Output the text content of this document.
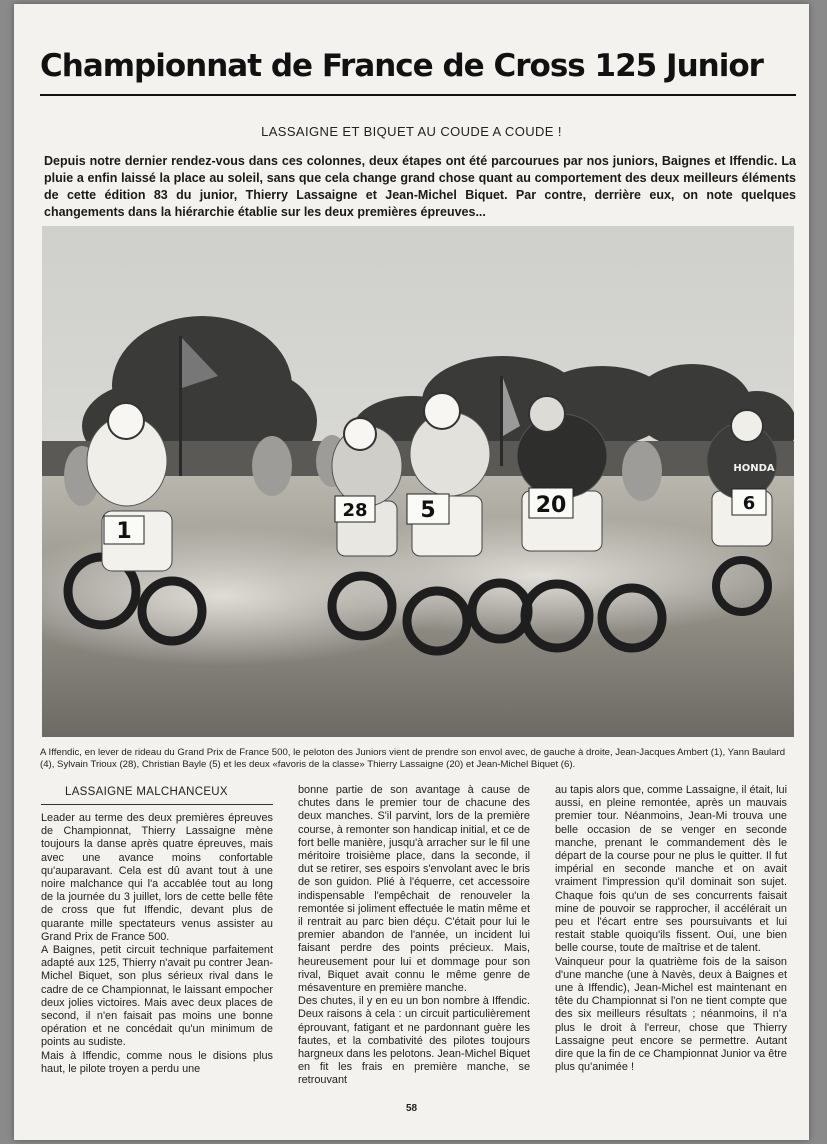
Championnat de France de Cross 125 Junior
LASSAIGNE ET BIQUET AU COUDE A COUDE !

Depuis notre dernier rendez-vous dans ces colonnes, deux étapes ont été parcourues par nos juniors, Baignes et Iffendic. La pluie a enfin laissé la place au soleil, sans que cela change grand chose quant au comportement des deux meilleurs éléments de cette édition 83 du junior, Thierry Lassaigne et Jean-Michel Biquet. Par contre, derrière eux, on note quelques changements dans la hiérarchie établie sur les deux premières épreuves...

1
28 5	20	6
HONDA

A Iffendic, en lever de rideau du Grand Prix de France 500, le peloton des Juniors vient de prendre son envol avec, de gauche à droite, Jean-Jacques Ambert (1), Yann Baulard (4), Sylvain Trioux (28), Christian Bayle (5) et les deux «favoris de la classe» Thierry Lassaigne (20) et Jean-Michel Biquet (6).

LASSAIGNE MALCHANCEUX

Leader au terme des deux premières épreuves de Championnat, Thierry Lassaigne mène toujours la danse après quatre épreuves, mais avec une avance moins confortable qu'auparavant. Cela est dû avant tout à une noire malchance qui l'a accablée tout au long de la journée du 3 juillet, lors de cette belle fête de cross que fut Iffendic, devant plus de quarante mille spectateurs venus assister au Grand Prix de France 500.

A Baignes, petit circuit technique parfaitement adapté aux 125, Thierry n'avait pu contrer Jean-Michel Biquet, son plus sérieux rival dans le cadre de ce Championnat, le laissant empocher deux jolies victoires. Mais avec deux places de second, il n'en faisait pas moins une bonne opération et ne concédait qu'un minimum de points au sudiste.

Mais à Iffendic, comme nous le disions plus haut, le pilote troyen a perdu une

bonne partie de son avantage à cause de chutes dans le premier tour de chacune des deux manches. S'il parvint, lors de la première course, à remonter son handicap initial, et ce de fort belle manière, jusqu'à arracher sur le fil une méritoire troisième place, dans la seconde, il dut se retirer, ses espoirs s'envolant avec le bris de son guidon. Plié à l'équerre, cet accessoire indispensable l'empêchait de renouveler la remontée si joliment effectuée le matin même et il rentrait au parc bien déçu. C'était pour lui le premier abandon de l'année, un incident lui faisant perdre des points précieux. Mais, heureusement pour lui et dommage pour son rival, Biquet avait connu le même genre de mésaventure en première manche.

Des chutes, il y en eu un bon nombre à Iffendic. Deux raisons à cela : un circuit particulièrement éprouvant, fatigant et ne pardonnant guère les fautes, et la combativité des pilotes toujours hargneux dans les pelotons. Jean-Michel Biquet en fit les frais en première manche, se retrouvant

au tapis alors que, comme Lassaigne, il était, lui aussi, en pleine remontée, après un mauvais premier tour. Néanmoins, Jean-Mi trouva une belle occasion de se venger en seconde manche, prenant le commandement dès le départ de la course pour ne plus le quitter. Il fut impérial en seconde manche et on avait vraiment l'impression qu'il dominait son sujet. Chaque fois qu'un de ses concurrents faisait mine de pouvoir se rapprocher, il accélérait un peu et l'écart entre ses poursuivants et lui restait stable quoiqu'ils fissent. Oui, une bien belle course, toute de maîtrise et de talent.

Vainqueur pour la quatrième fois de la saison d'une manche (une à Navès, deux à Baignes et une à Iffendic), Jean-Michel est maintenant en tête du Championnat si l'on ne tient compte que des six meilleurs résultats ; néanmoins, il n'a plus le droit à l'erreur, chose que Thierry Lassaigne peut encore se permettre. Autant dire que la fin de ce Championnat Junior va être plus qu'animée !

58
